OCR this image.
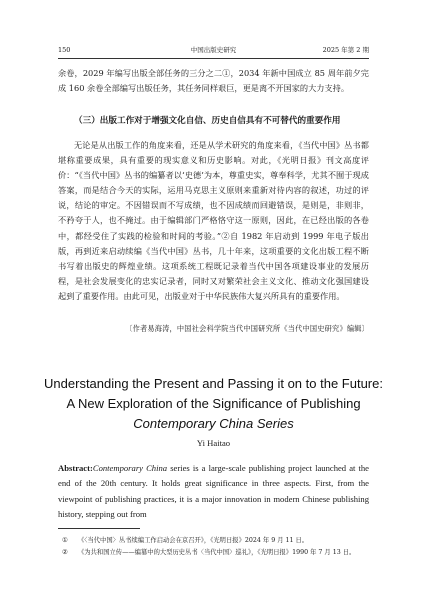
150	中国出版史研究	2025 年第 2 期

余卷，2029 年编写出版全部任务的三分之二①，2034 年新中国成立 85 周年前夕完成 160 余卷全部编写出版任务，其任务同样艰巨，更是离不开国家的大力支持。

（三）出版工作对于增强文化自信、历史自信具有不可替代的重要作用

无论是从出版工作的角度来看，还是从学术研究的角度来看，《当代中国》丛书都堪称重要成果，具有重要的现实意义和历史影响。对此，《光明日报》刊文高度评价：“《当代中国》丛书的编纂者以‘史德’为本，尊重史实，尊奉科学，尤其不囿于现成答案，而是结合今天的实际，运用马克思主义原则来重新对待内容的叙述，功过的评说，结论的审定。不因错误而不写成绩，也不因成绩而回避错误，是则是，非则非，不矜夸于人，也不掩过。由于编辑部门严格恪守这一原则，因此，在已经出版的各卷中，都经受住了实践的检验和时间的考验。”②自 1982 年启动到 1999 年电子版出版，再到近来启动续编《当代中国》丛书，几十年来，这项重要的文化出版工程不断书写着出版史的辉煌业绩。这项系统工程既记录着当代中国各项建设事业的发展历程，是社会发展变化的忠实记录者，同时又对繁荣社会主义文化、推动文化强国建设起到了重要作用。由此可见，出版业对于中华民族伟大复兴所具有的重要作用。

〔作者易海涛，中国社会科学院当代中国研究所《当代中国史研究》编辑〕
Understanding the Present and Passing it on to the Future:
A New Exploration of the Significance of Publishing
Contemporary China Series
Yi Haitao
Abstract:Contemporary China series is a large-scale publishing project launched at the end of the 20th century. It holds great significance in three aspects. First, from the viewpoint of publishing practices, it is a major innovation in modern Chinese publishing history, stepping out from
① 《〈当代中国〉丛书续编工作启动会在京召开》，《光明日报》2024 年 9 月 11 日。
② 《为共和国立传——编纂中的大型历史丛书〈当代中国〉巡礼》，《光明日报》1990 年 7 月 13 日。
